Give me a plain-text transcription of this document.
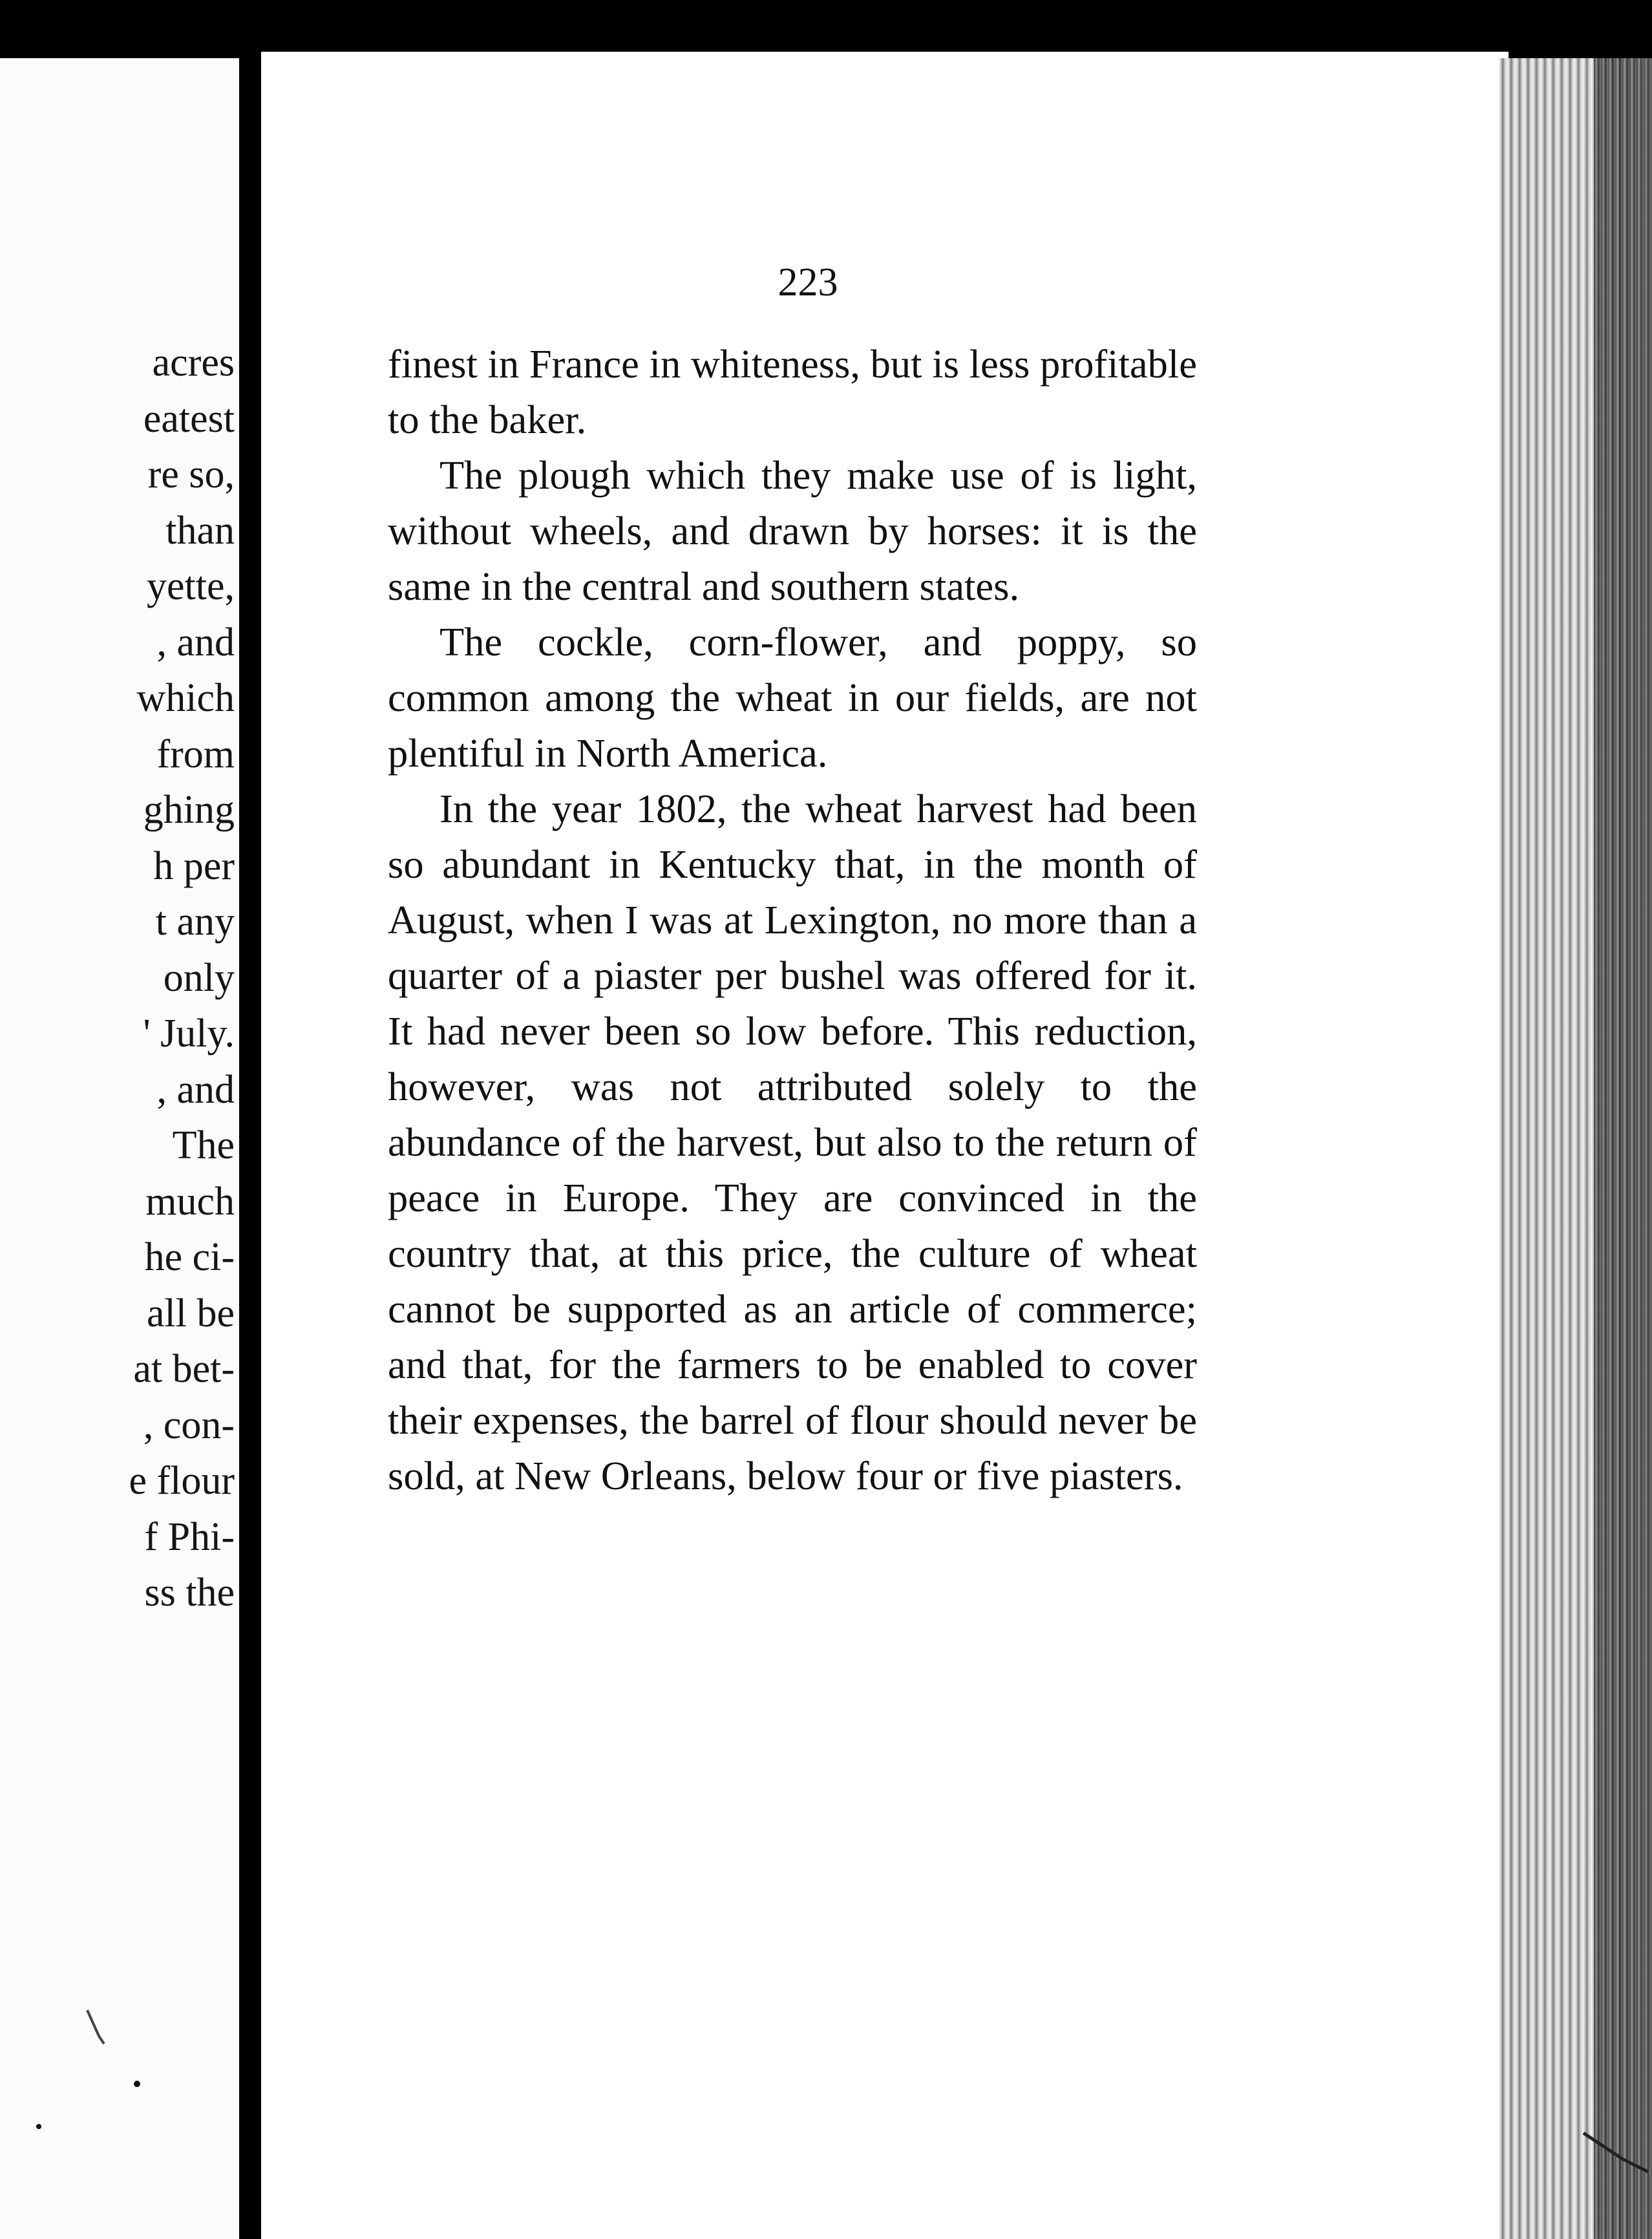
acres
eatest
re so,
than
yette,
, and
which
from
ghing
h per
t any
only
' July.
, and
The
much
he ci-
all be
at bet-
, con-
e flour
f Phi-
ss the
223

finest in France in whiteness, but is less profitable to the baker.

The plough which they make use of is light, without wheels, and drawn by horses: it is the same in the central and southern states.

The cockle, corn-flower, and poppy, so common among the wheat in our fields, are not plentiful in North America.

In the year 1802, the wheat harvest had been so abundant in Kentucky that, in the month of August, when I was at Lexington, no more than a quarter of a piaster per bushel was offered for it. It had never been so low before. This reduction, however, was not attributed solely to the abundance of the harvest, but also to the return of peace in Europe. They are convinced in the country that, at this price, the culture of wheat cannot be supported as an article of commerce; and that, for the farmers to be enabled to cover their expenses, the barrel of flour should never be sold, at New Orleans, below four or five piasters.
